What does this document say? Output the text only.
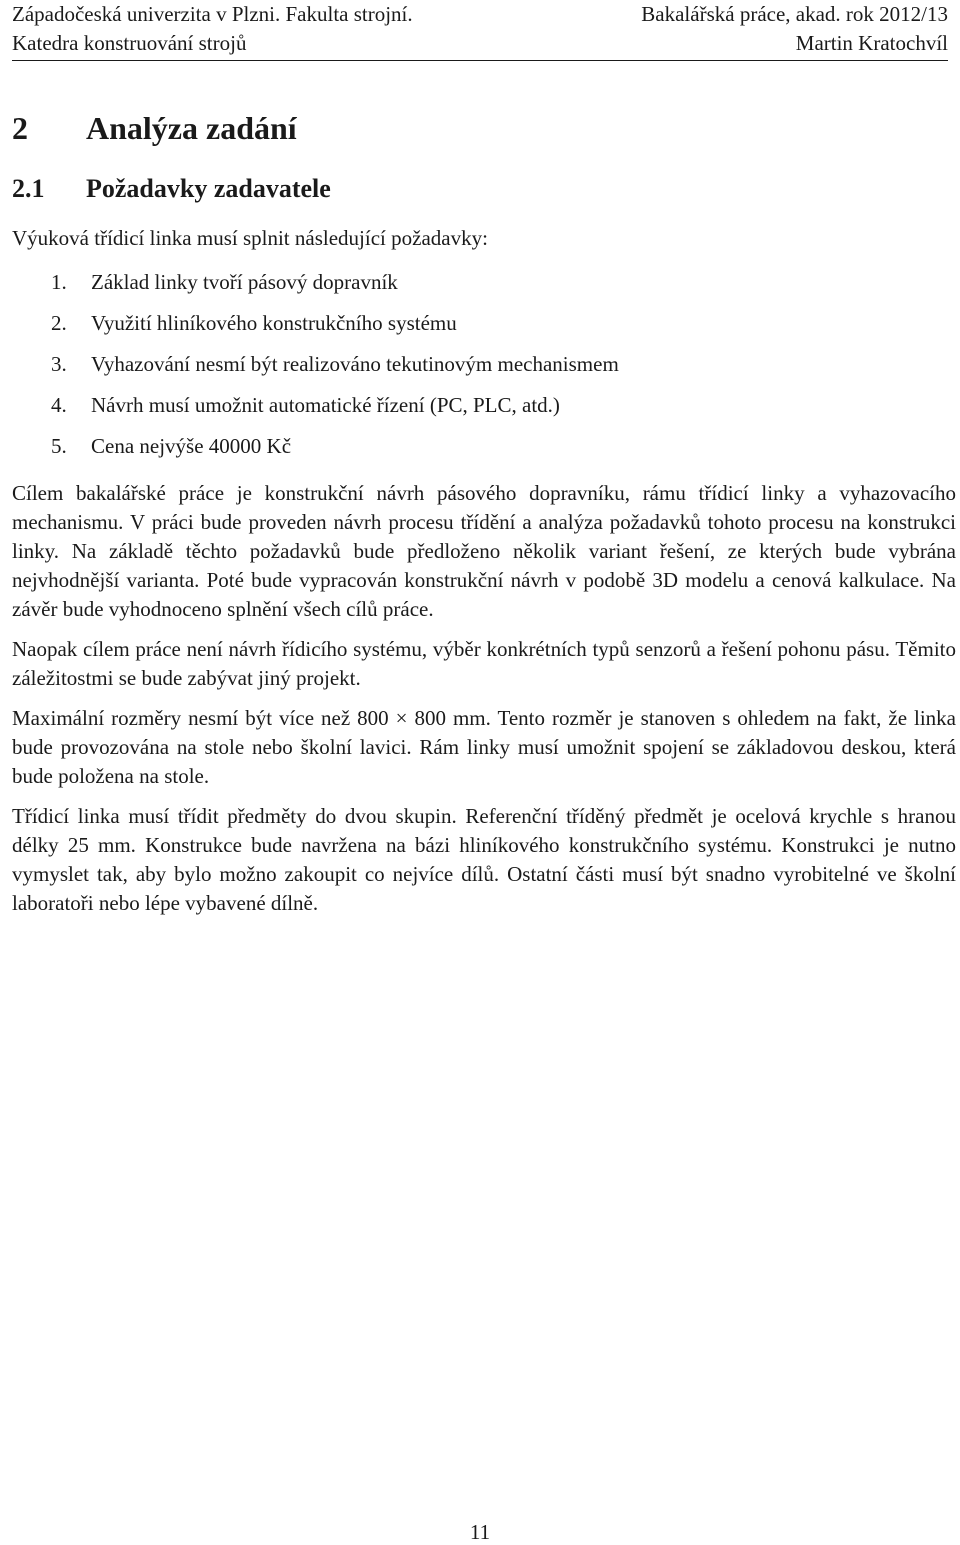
Západočeská univerzita v Plzni. Fakulta strojní.	Bakalářská práce, akad. rok 2012/13
Katedra konstruování strojů	Martin Kratochvíl
2	Analýza zadání
2.1	Požadavky zadavatele

Výuková třídicí linka musí splnit následující požadavky:

1.	Základ linky tvoří pásový dopravník
2.	Využití hliníkového konstrukčního systému
3.	Vyhazování nesmí být realizováno tekutinovým mechanismem
4.	Návrh musí umožnit automatické řízení (PC, PLC, atd.)
5.	Cena nejvýše 40000 Kč

Cílem bakalářské práce je konstrukční návrh pásového dopravníku, rámu třídicí linky a vyhazovacího mechanismu. V práci bude proveden návrh procesu třídění a analýza požadavků tohoto procesu na konstrukci linky. Na základě těchto požadavků bude předloženo několik variant řešení, ze kterých bude vybrána nejvhodnější varianta. Poté bude vypracován konstrukční návrh v podobě 3D modelu a cenová kalkulace. Na závěr bude vyhodnoceno splnění všech cílů práce.

Naopak cílem práce není návrh řídicího systému, výběr konkrétních typů senzorů a řešení pohonu pásu. Těmito záležitostmi se bude zabývat jiný projekt.

Maximální rozměry nesmí být více než 800 × 800 mm. Tento rozměr je stanoven s ohledem na fakt, že linka bude provozována na stole nebo školní lavici. Rám linky musí umožnit spojení se základovou deskou, která bude položena na stole.

Třídicí linka musí třídit předměty do dvou skupin. Referenční tříděný předmět je ocelová krychle s hranou délky 25 mm. Konstrukce bude navržena na bázi hliníkového konstrukčního systému. Konstrukci je nutno vymyslet tak, aby bylo možno zakoupit co nejvíce dílů. Ostatní části musí být snadno vyrobitelné ve školní laboratoři nebo lépe vybavené dílně.

11
